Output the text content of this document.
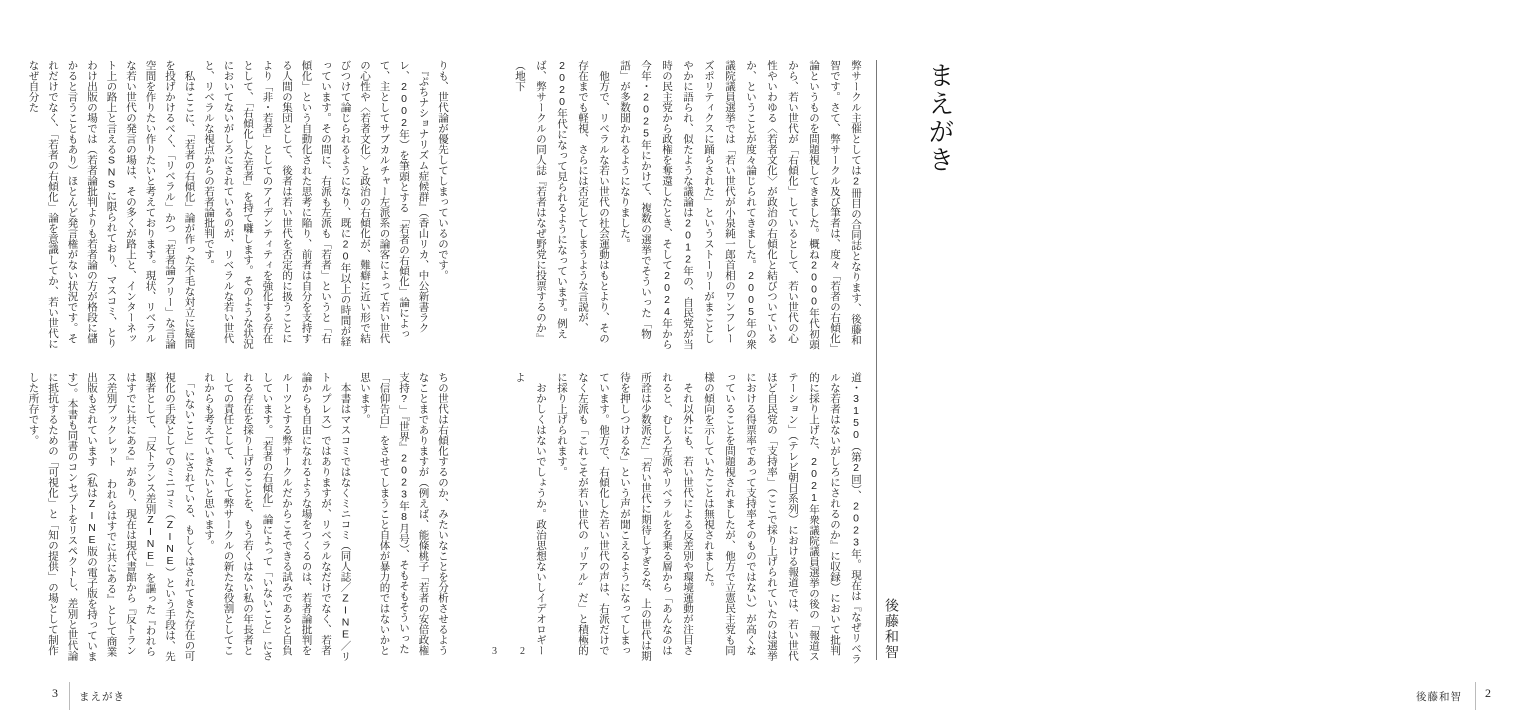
まえがき
後藤和智

弊サークル主催としては2冊目の合同誌となります、後藤和智です。さて、弊サークル及び筆者は、度々「若者の右傾化」論というものを問題視してきました。概ね2000年代初頭から、若い世代が「右傾化」しているとして、若い世代の心性やいわゆる〈若者文化〉が政治の右傾化と結びついているか、ということが度々論じられてきました。2005年の衆議院議員選挙では「若い世代が小泉純一郎首相のワンフレーズポリティクスに踊らされた」というストーリーがまことしやかに語られ、似たような議論は2012年の、自民党が当時の民主党から政権を奪還したとき、そして2024年から今年・2025年にかけて、複数の選挙でそういった「物語」が多数聞かれるようになりました。

　他方で、リベラルな若い世代の社会運動はもとより、その存在までも軽視、さらには否定してしまうような言説が、2020年代になって見られるようになっています。例えば、弊サークルの同人誌『若者はなぜ野党に投票するのか』（地下

道・3150（第2回）、2023年。現在は『なぜリベラルな若者はないがしろにされるのか』に収録）において批判的に採り上げた、2021年衆議院議員選挙の後の「報道ステーション」（テレビ朝日系列）における報道では、若い世代ほど自民党の「支持率」（ここで採り上げられていたのは選挙における得票率であって支持率そのものではない）が高くなっていることを問題視されましたが、他方で立憲民主党も同様の傾向を示していたことは無視されました。

　それ以外にも、若い世代による反差別や環境運動が注目されると、むしろ左派やリベラルを名乗る層から「あんなのは所詮は少数派だ」「若い世代に期待しすぎるな、上の世代は期待を押しつけるな」という声が聞こえるようになってしまっています。他方で、右傾化した若い世代の声は、右派だけでなく左派も「これこそが若い世代の〝リアル〟だ」と積極的に採り上げられます。

　おかしくはないでしょうか。政治思想ないしイデオロギーよ

2
後藤和智 2

りも、世代論が優先してしまっているのです。

　『ぷちナショナリズム症候群』（香山リカ、中公新書ラクレ、2002年）を筆頭とする「若者の右傾化」論によって、主としてサブカルチャー左派系の論客によって若い世代の心性や〈若者文化〉と政治の右傾化が、難癖に近い形で結びつけて論じられるようになり、既に20年以上の時間が経っています。その間に、右派も左派も「若者」というと「右傾化」という自動化された思考に陥り、前者は自分を支持する人間の集団として、後者は若い世代を否定的に扱うことにより「非・若者」としてのアイデンティティを強化する存在として、「右傾化した若者」を持て囃します。そのような状況においてないがしろにされているのが、リベラルな若い世代と、リベラルな視点からの若者論批判です。

　私はここに、「若者の右傾化」論が作った不毛な対立に疑問を投げかけるべく、「リベラル」かつ「若者論フリー」な言論空間を作りたい作りたいと考えております。現状、リベラルな若い世代の発言の場は、その多くが路上と、インターネット上の路上と言えるSNSに限られており、マスコミ、とりわけ出版の場では（若者論批判よりも若者論の方が格段に儲かると言うこともあり）ほとんど発言権がない状況です。それだけでなく、「若者の右傾化」論を意識してか、若い世代になぜ自分た

ちの世代は右傾化するのか、みたいなことを分析させるようなことまでありますが（例えば、能條桃子「若者の安倍政権支持?」『世界』2023年8月号）、そもそもそういった「信仰告白」をさせてしまうこと自体が暴力的ではないかと思います。

　本書はマスコミではなくミニコミ（同人誌／ZINE／リトルプレス）ではありますが、リベラルなだけでなく、若者論からも自由になれるような場をつくるのは、若者論批判をルーツとする弊サークルだからこそできる試みであると自負しています。「若者の右傾化」論によって「いないこと」にされる存在を採り上げることを、もう若くはない私の年長者としての責任として、そして弊サークルの新たな役割としてこれからも考えていきたいと思います。

　「いないこと」にされている、もしくはされてきた存在の可視化の手段としてのミニコミ（ZINE）という手段は、先駆者として、「反トランス差別ZINE」を謳った『われらはすでに共にある』があり、現在は現代書館から『反トランス差別ブックレット われらはすでに共にある』として商業出版もされています（私はZINE版の電子版を持っています）。本書も同書のコンセプトをリスペクトし、差別と世代論に抵抗するための「可視化」と「知の提供」の場として制作した所存です。

3
3 まえがき
